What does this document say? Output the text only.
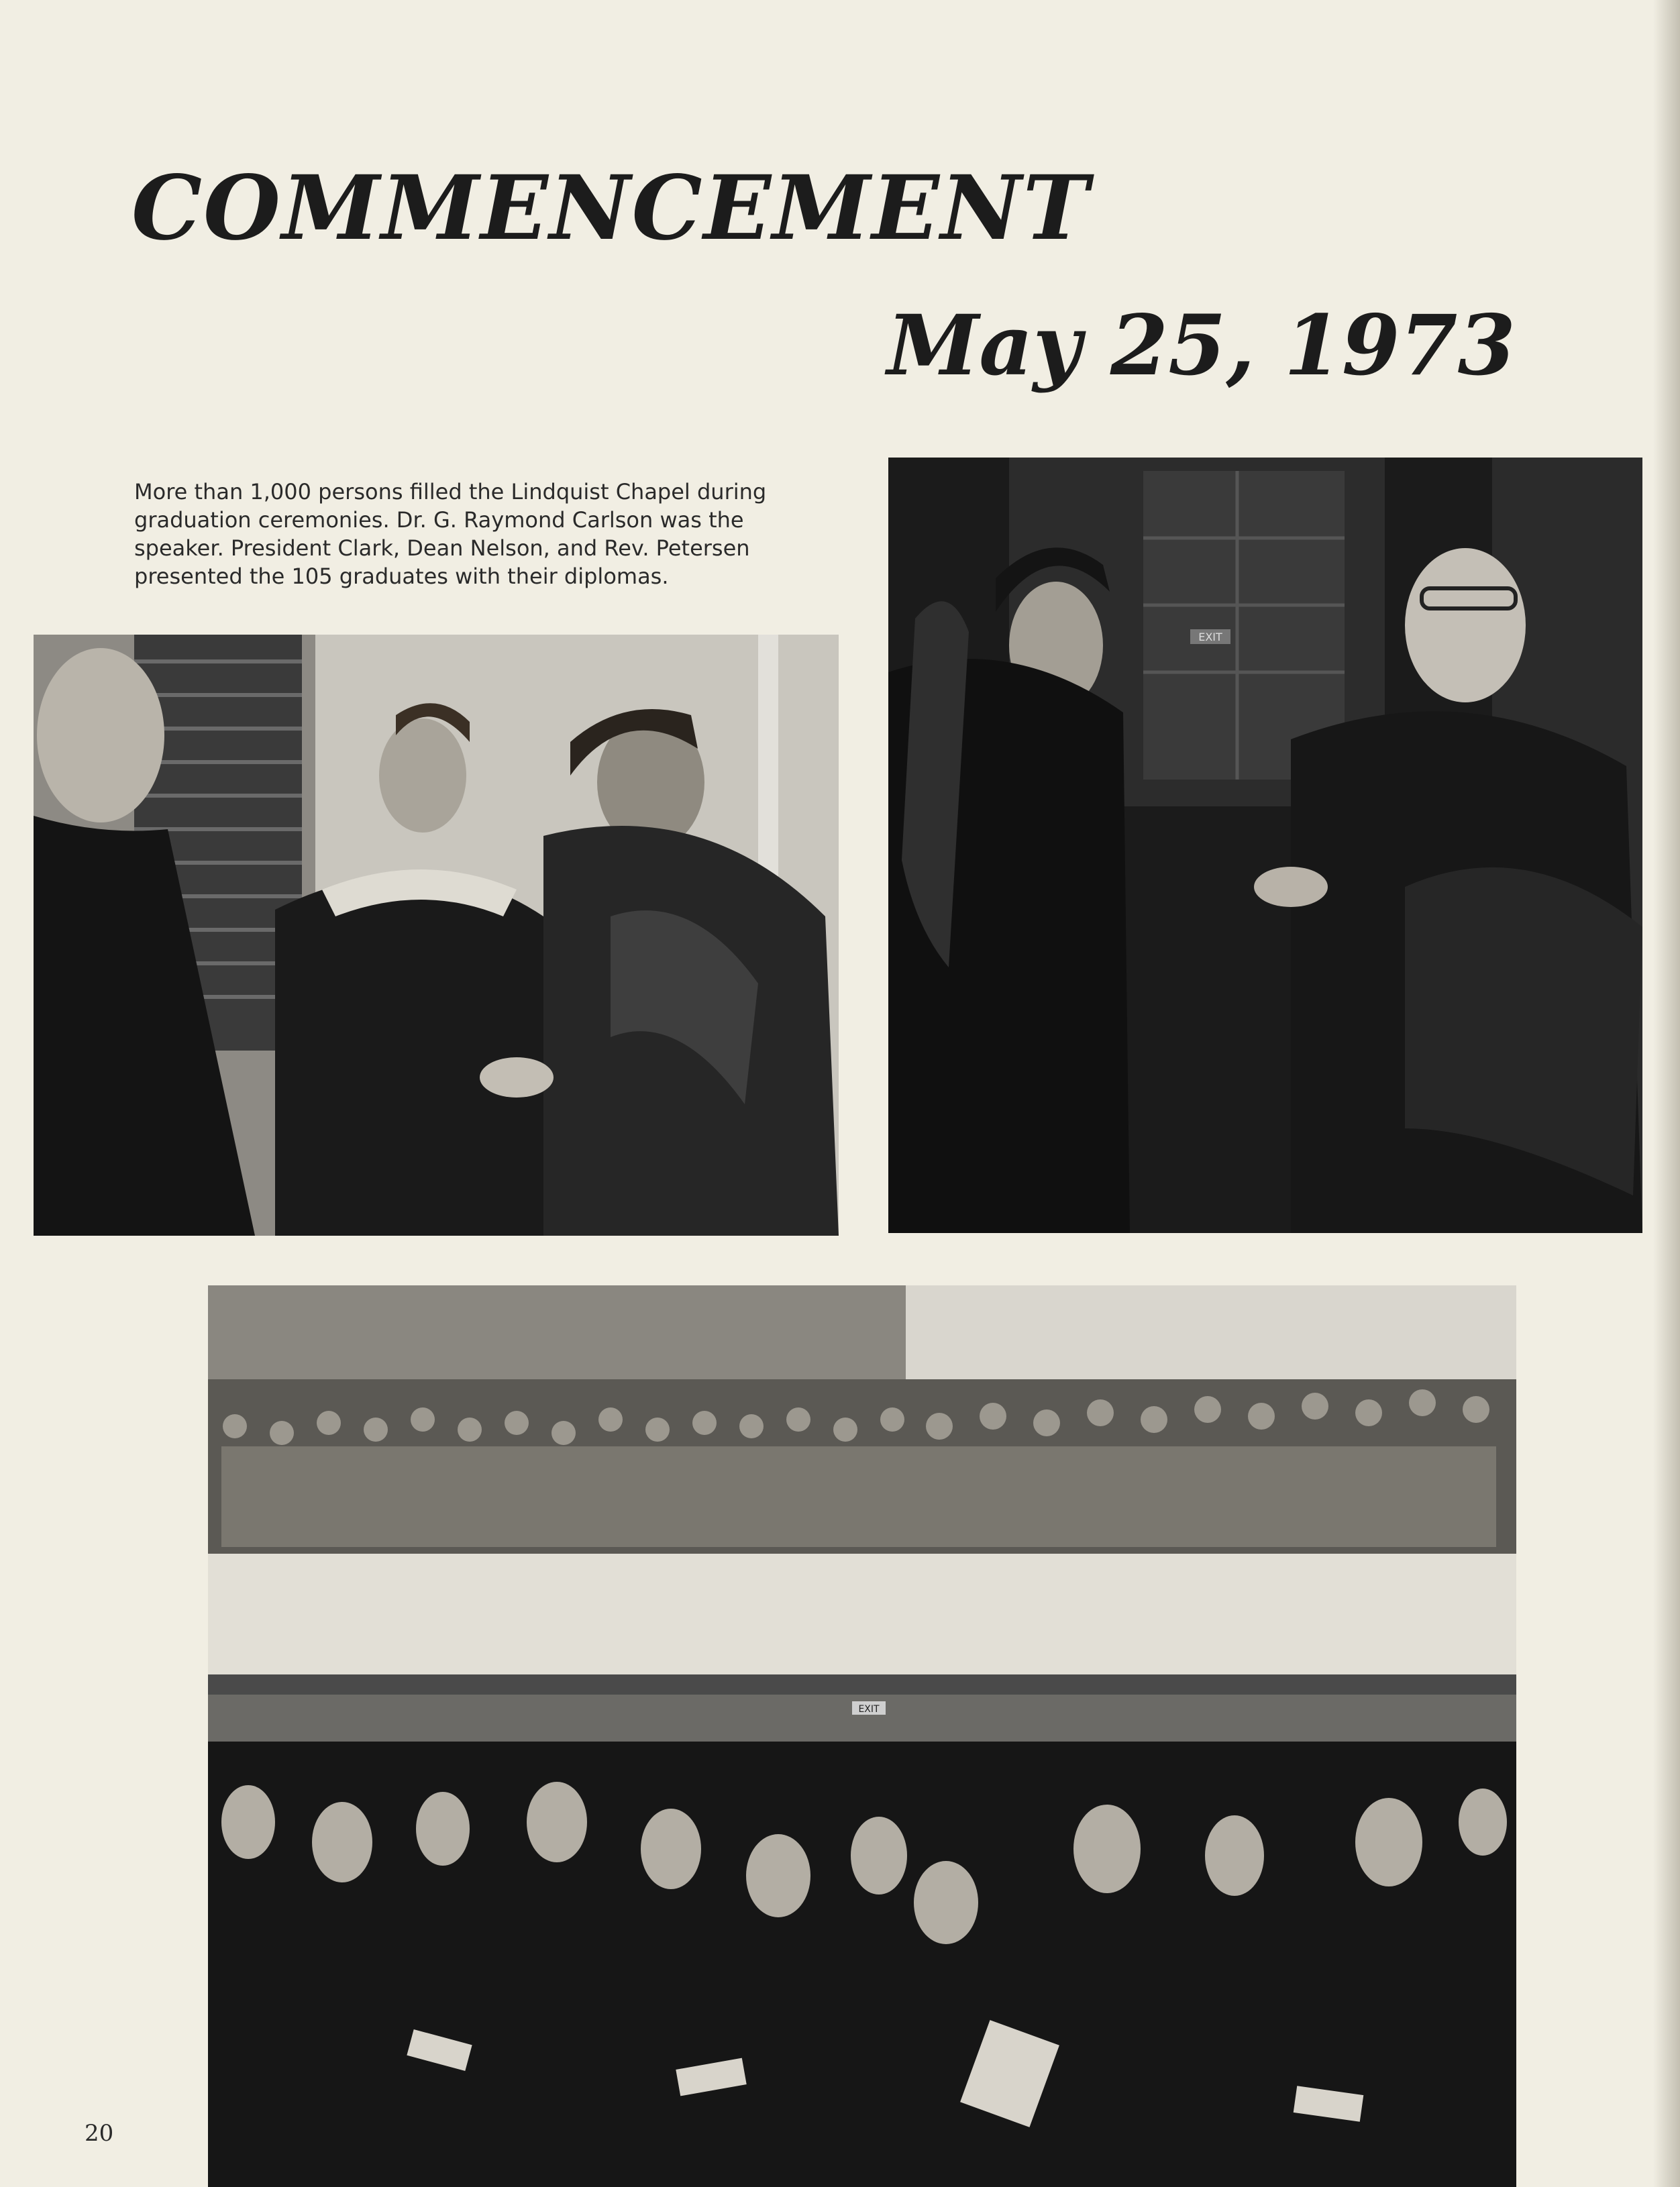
COMMENCEMENT
May 25, 1973

More than 1,000 persons filled the Lindquist Chapel during graduation ceremonies. Dr. G. Raymond Carlson was the speaker. President Clark, Dean Nelson, and Rev. Petersen presented the 105 graduates with their diplomas.

EXIT
EXIT

20
